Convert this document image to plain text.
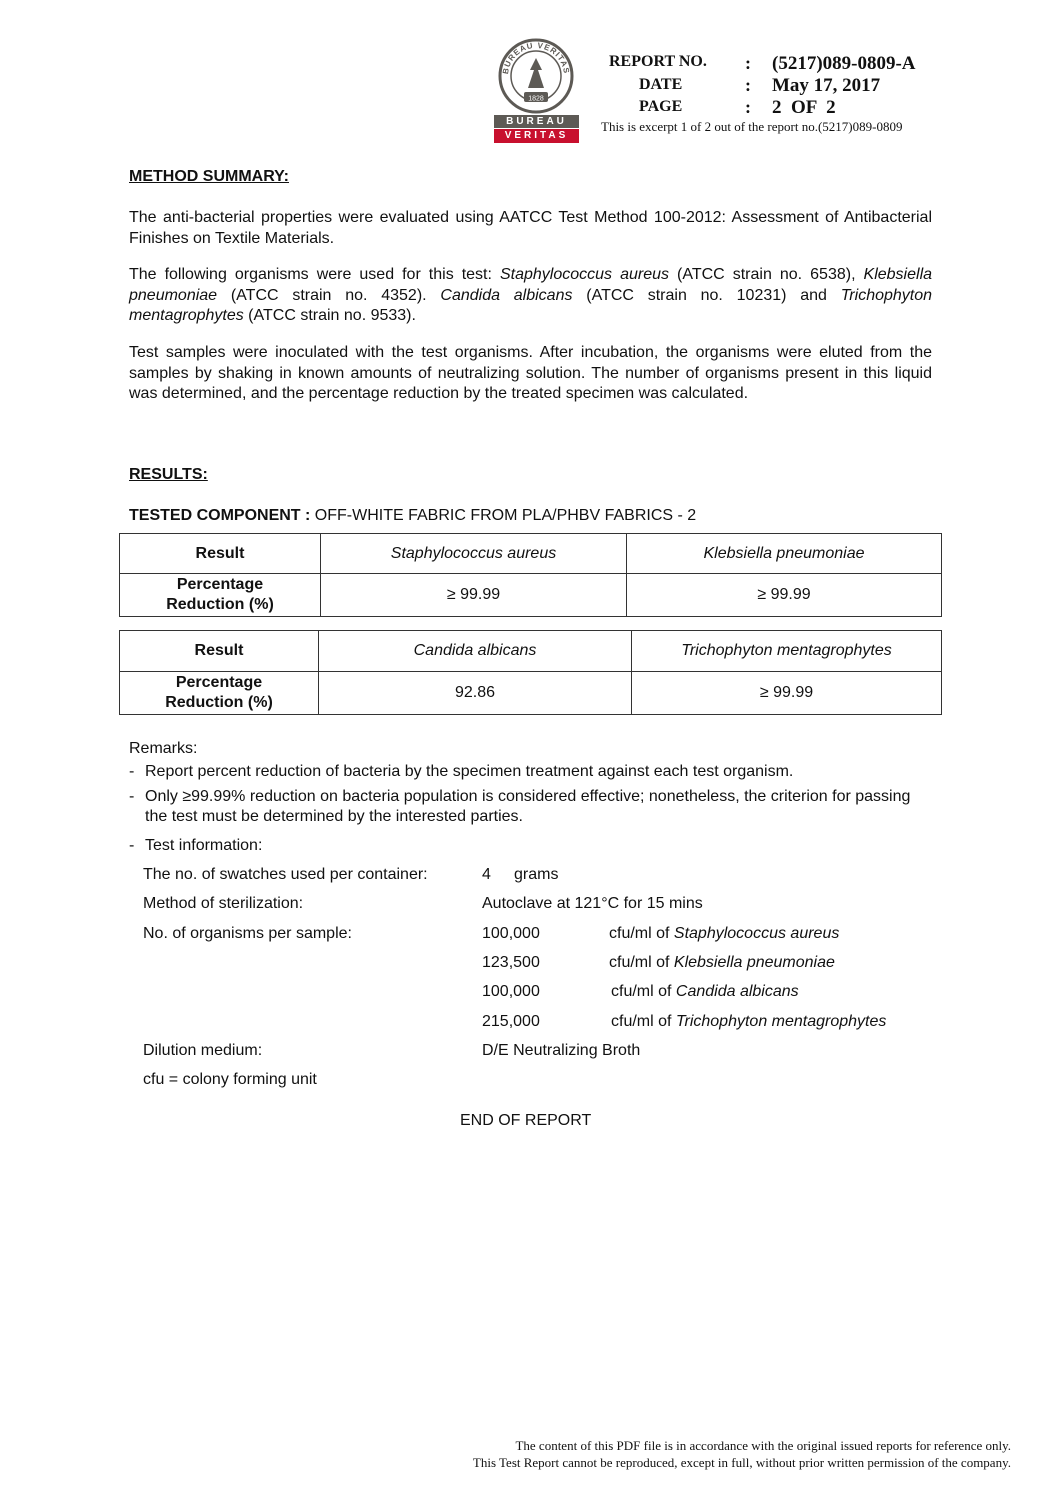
BUREAU VERITAS
1828
BUREAU
VERITAS
REPORT NO. : (5217)089-0809-A
DATE	: May 17, 2017
PAGE	: 2  OF  2
This is excerpt 1 of 2 out of the report no.(5217)089-0809
METHOD SUMMARY:
The anti-bacterial properties were evaluated using AATCC Test Method 100-2012: Assessment of Antibacterial Finishes on Textile Materials.
The following organisms were used for this test: Staphylococcus aureus (ATCC strain no. 6538), Klebsiella pneumoniae (ATCC strain no. 4352). Candida albicans (ATCC strain no. 10231) and Trichophyton mentagrophytes (ATCC strain no. 9533).
Test samples were inoculated with the test organisms. After incubation, the organisms were eluted from the samples by shaking in known amounts of neutralizing solution. The number of organisms present in this liquid was determined, and the percentage reduction by the treated specimen was calculated.
RESULTS:
TESTED COMPONENT : OFF-WHITE FABRIC FROM PLA/PHBV FABRICS - 2
Result	Staphylococcus aureus	Klebsiella pneumoniae
Percentage
Reduction (%)	≥ 99.99	≥ 99.99
Result	Candida albicans	Trichophyton mentagrophytes
Percentage
Reduction (%)	92.86	≥ 99.99
Remarks:
- Report percent reduction of bacteria by the specimen treatment against each test organism.
- Only ≥99.99% reduction on bacteria population is considered effective; nonetheless, the criterion for passing the test must be determined by the interested parties.
- Test information:
The no. of swatches used per container:	4 grams
Method of sterilization:	Autoclave at 121°C for 15 mins
No. of organisms per sample:	100,000	cfu/ml of Staphylococcus aureus
123,500	cfu/ml of Klebsiella pneumoniae
100,000	cfu/ml of Candida albicans
215,000	cfu/ml of Trichophyton mentagrophytes
Dilution medium:	D/E Neutralizing Broth
cfu = colony forming unit
END OF REPORT
The content of this PDF file is in accordance with the original issued reports for reference only.
This Test Report cannot be reproduced, except in full, without prior written permission of the company.
